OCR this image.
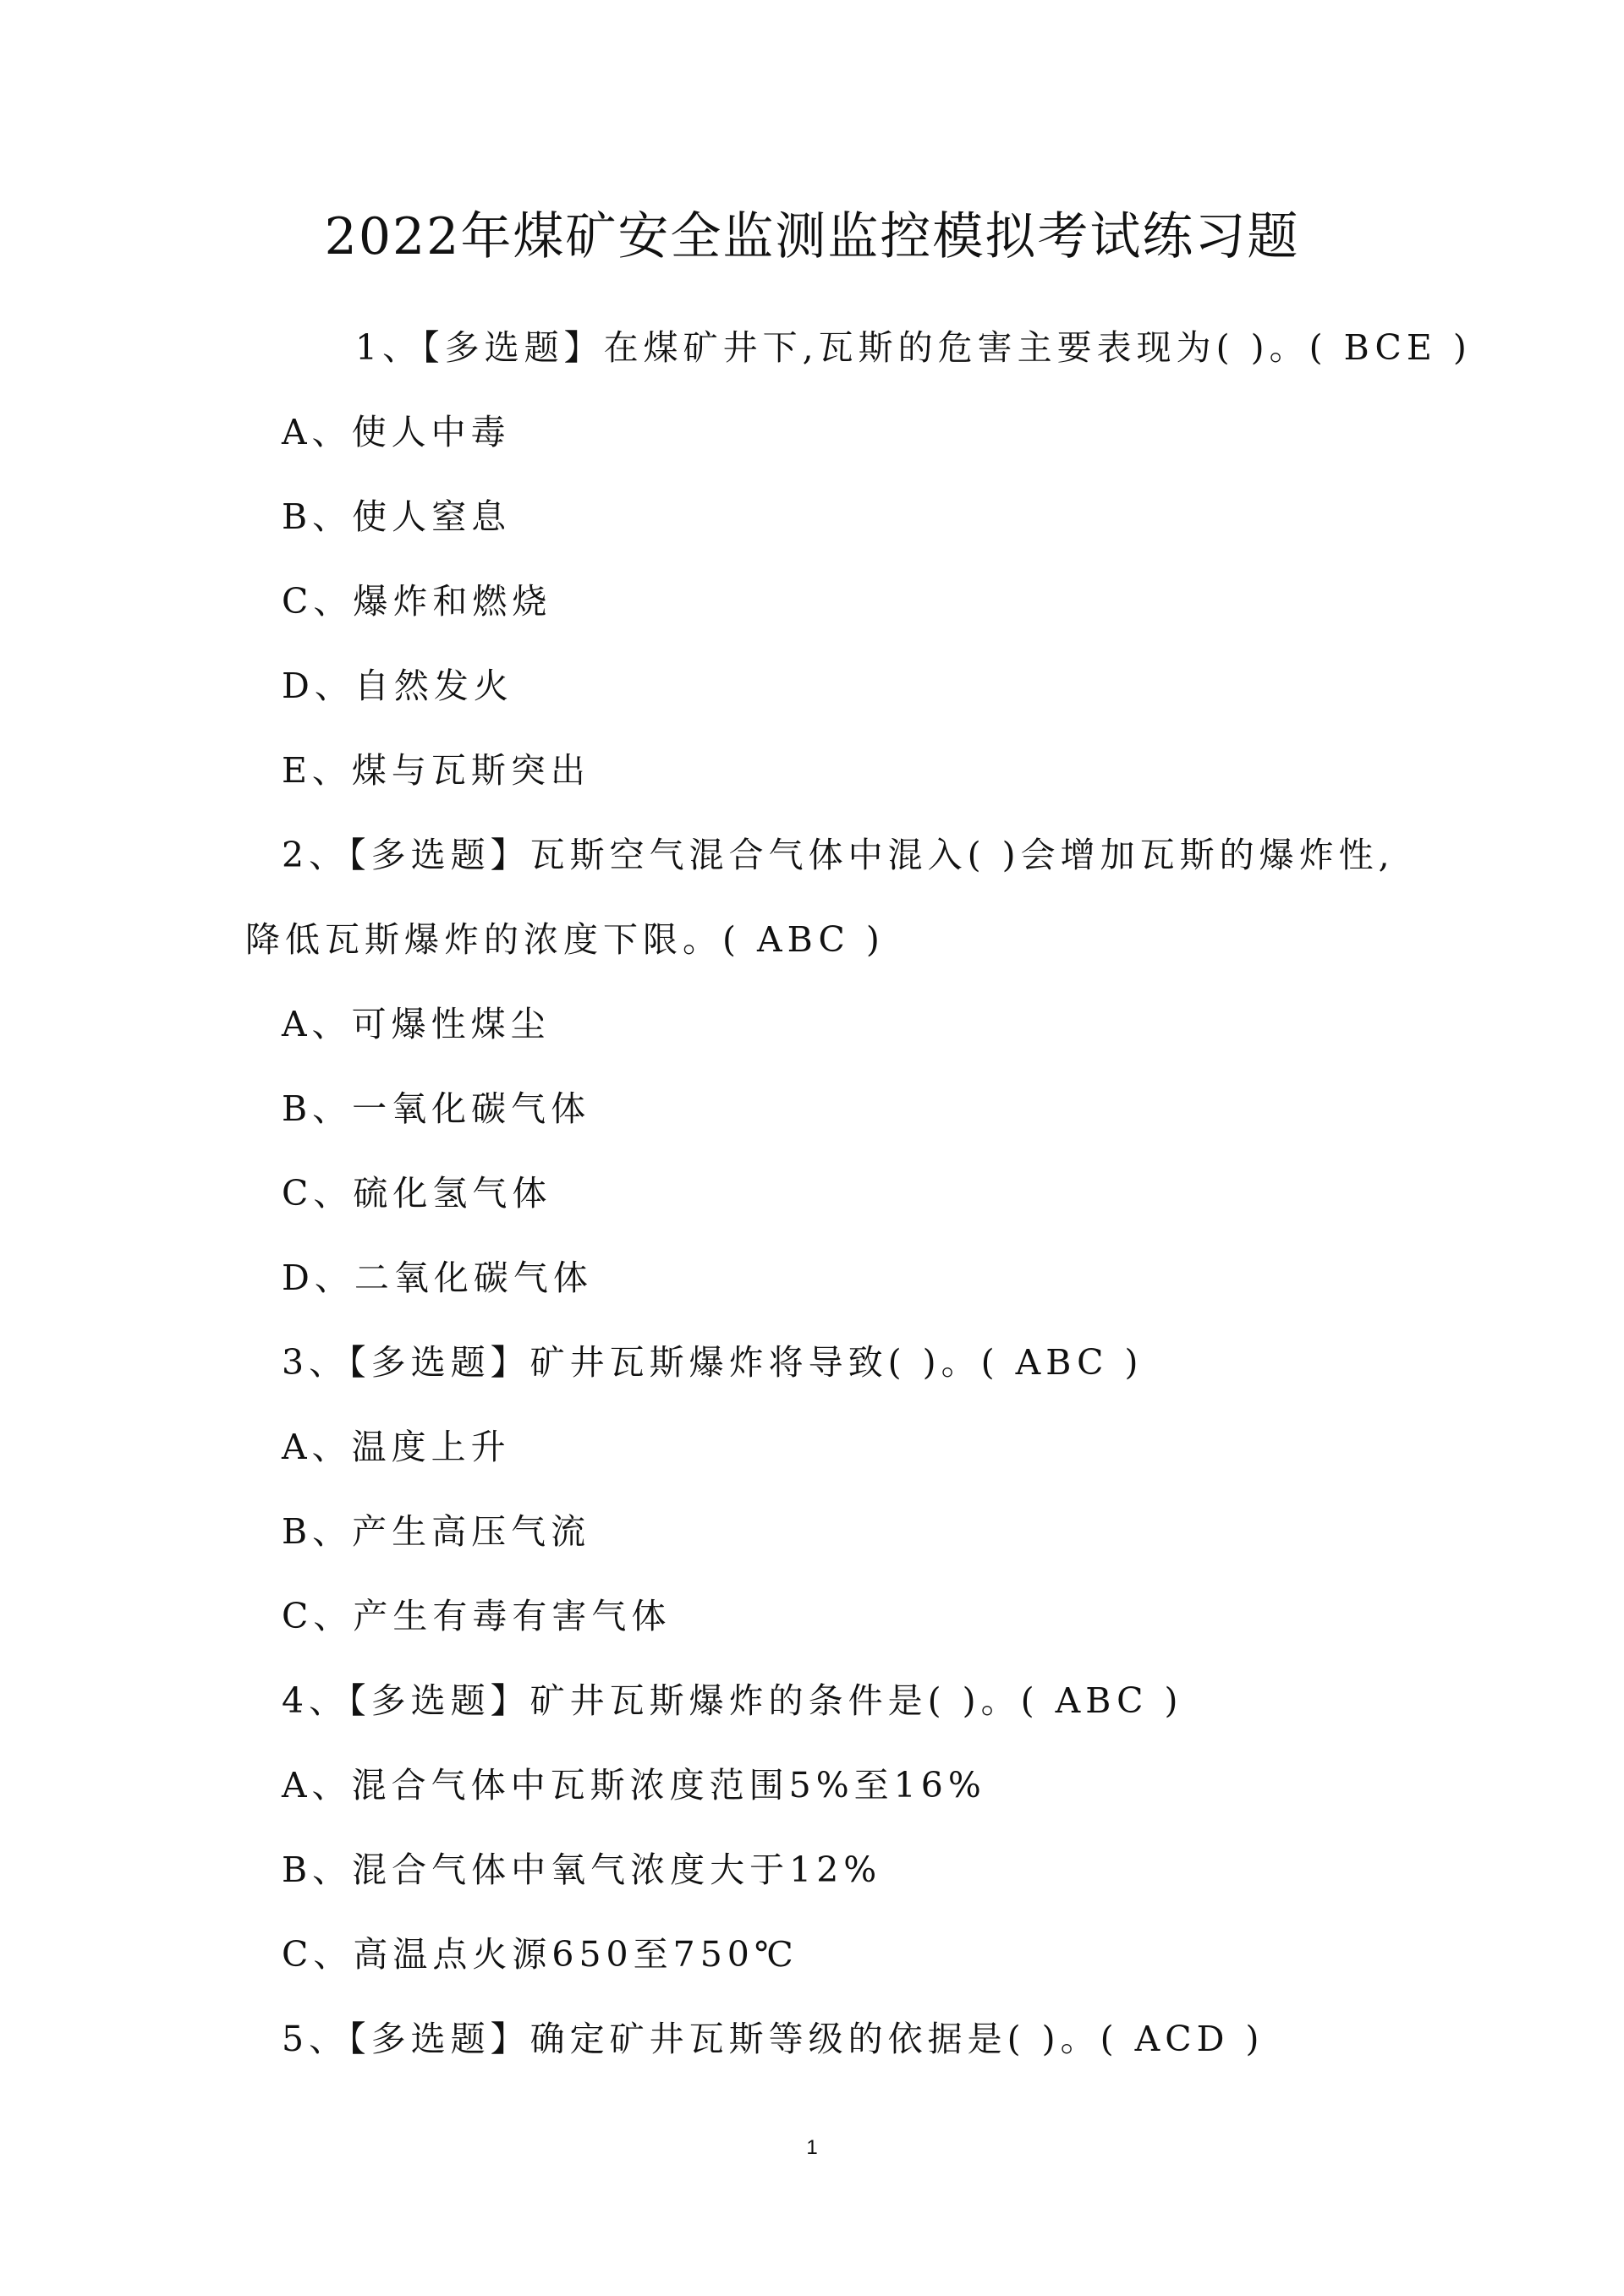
2022年煤矿安全监测监控模拟考试练习题
1、【多选题】在煤矿井下,瓦斯的危害主要表现为( )。( BCE )
A、使人中毒
B、使人窒息
C、爆炸和燃烧
D、自然发火
E、煤与瓦斯突出
2、【多选题】瓦斯空气混合气体中混入( )会增加瓦斯的爆炸性,
降低瓦斯爆炸的浓度下限。( ABC )
A、可爆性煤尘
B、一氧化碳气体
C、硫化氢气体
D、二氧化碳气体
3、【多选题】矿井瓦斯爆炸将导致( )。( ABC )
A、温度上升
B、产生高压气流
C、产生有毒有害气体
4、【多选题】矿井瓦斯爆炸的条件是( )。( ABC )
A、混合气体中瓦斯浓度范围5%至16%
B、混合气体中氧气浓度大于12%
C、高温点火源650至750℃
5、【多选题】确定矿井瓦斯等级的依据是( )。( ACD )
1
